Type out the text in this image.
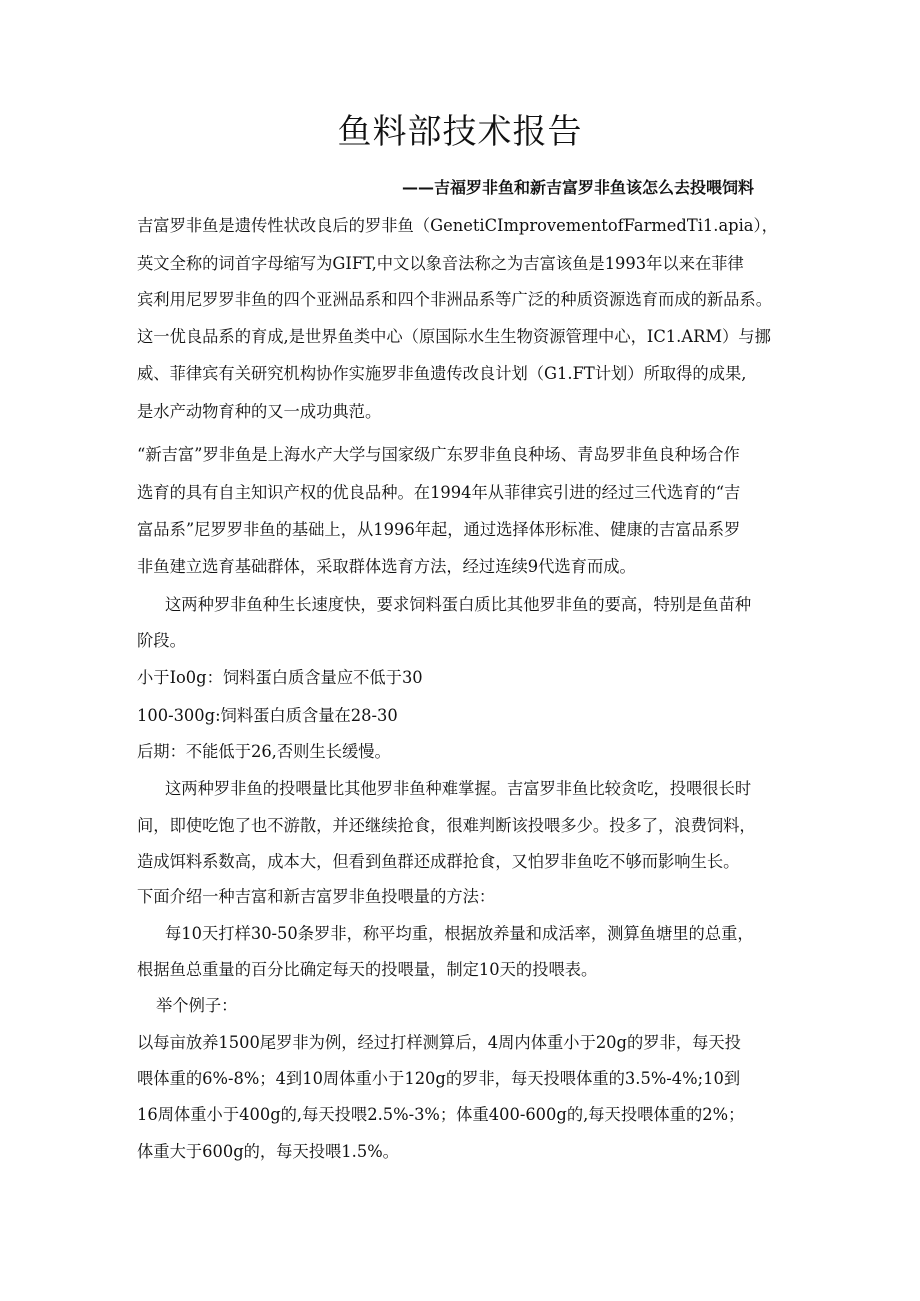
鱼料部技术报告
——吉福罗非鱼和新吉富罗非鱼该怎么去投喂饲料
吉富罗非鱼是遗传性状改良后的罗非鱼（GenetiCImprovementofFarmedTi1.apia），
英文全称的词首字母缩写为GIFT,中文以象音法称之为吉富该鱼是1993年以来在菲律
宾利用尼罗罗非鱼的四个亚洲品系和四个非洲品系等广泛的种质资源选育而成的新品系。
这一优良品系的育成,是世界鱼类中心（原国际水生生物资源管理中心，IC1.ARM）与挪
威、菲律宾有关研究机构协作实施罗非鱼遗传改良计划（G1.FT计划）所取得的成果,
是水产动物育种的又一成功典范。
“新吉富”罗非鱼是上海水产大学与国家级广东罗非鱼良种场、青岛罗非鱼良种场合作
选育的具有自主知识产权的优良品种。在1994年从菲律宾引进的经过三代选育的“吉
富品系”尼罗罗非鱼的基础上，从1996年起，通过选择体形标准、健康的吉富品系罗
非鱼建立选育基础群体，采取群体选育方法，经过连续9代选育而成。
这两种罗非鱼种生长速度快，要求饲料蛋白质比其他罗非鱼的要高，特别是鱼苗种
阶段。
小于Io0g：饲料蛋白质含量应不低于30
100-300g:饲料蛋白质含量在28-30
后期：不能低于26,否则生长缓慢。
这两种罗非鱼的投喂量比其他罗非鱼种难掌握。吉富罗非鱼比较贪吃，投喂很长时
间，即使吃饱了也不游散，并还继续抢食，很难判断该投喂多少。投多了，浪费饲料，
造成饵料系数高，成本大，但看到鱼群还成群抢食，又怕罗非鱼吃不够而影响生长。
下面介绍一种吉富和新吉富罗非鱼投喂量的方法：
每10天打样30-50条罗非，称平均重，根据放养量和成活率，测算鱼塘里的总重，
根据鱼总重量的百分比确定每天的投喂量，制定10天的投喂表。
举个例子：
以每亩放养1500尾罗非为例，经过打样测算后，4周内体重小于20g的罗非，每天投
喂体重的6%-8%；4到10周体重小于120g的罗非，每天投喂体重的3.5%-4%;10到
16周体重小于400g的,每天投喂2.5%-3%；体重400-600g的,每天投喂体重的2%；
体重大于600g的，每天投喂1.5%。
